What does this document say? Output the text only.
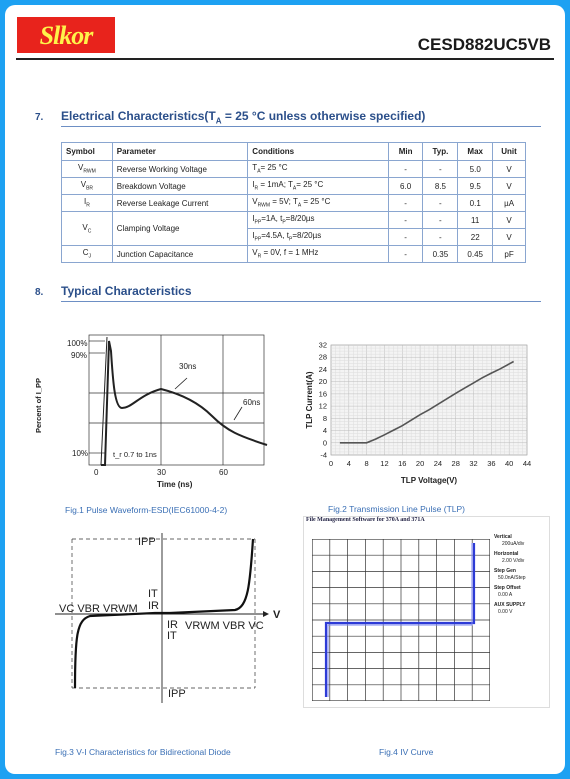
Slkor	CESD882UC5VB
7. Electrical $Characteristics(T_A = 25$ °C unless otherwise specified)
Symbol	Parameter	Conditions	Min	Typ.	Max	Unit
$V_{RWM}$	Reverse Working Voltage	$T_A= 25$ °C	-	-	5.0	V
$V_{BR}$	Breakdown Voltage	$I_R = 1mA$; $T_A= 25$ °C	6.0	8.5	9.5	V
$I_R$	Reverse Leakage Current	$V_{RWM} = 5V$; $T_A = 25$ °C	-	-	0.1	µA
$V_C$	Clamping Voltage	$I_{PP}=1A$, $t_P=8/20\mu s$	-	-	11	V
		$I_{PP}=4.5A$, $t_P=8/20\mu s$	-	-	22	V
$C_J$	Junction Capacitance	$V_R = 0V$, f = 1 MHz	-	0.35	0.45	pF
8. Typical Characteristics
100%
90%
10%
0	30	60
Time (ns)
Percent of I_PP
30ns
60ns
t_r 0.7 to 1ns
Fig.1 Pulse Waveform-ESD(IEC61000-4-2)
0 4 8 12 16 20 24 28 32 36 40 44
32
28
24
20
16
12
8
4
0
-4
TLP Voltage(V)
TLP Current(A)
Fig.2 Transmission Line Pulse (TLP)
IPP
IPP
V
VC VBR VRWM
IT
IR
IR
IT
VRWM VBR VC
Fig.3 V-I Characteristics for Bidirectional Diode
File Management Software for 370A and 371A
Vertical
200uA/div
Horizontal
2.00 V/div
Step Gen
50.0nA/Step
Step Offset
0.00 A
AUX SUPPLY
0.00 V
Fig.4 IV Curve
